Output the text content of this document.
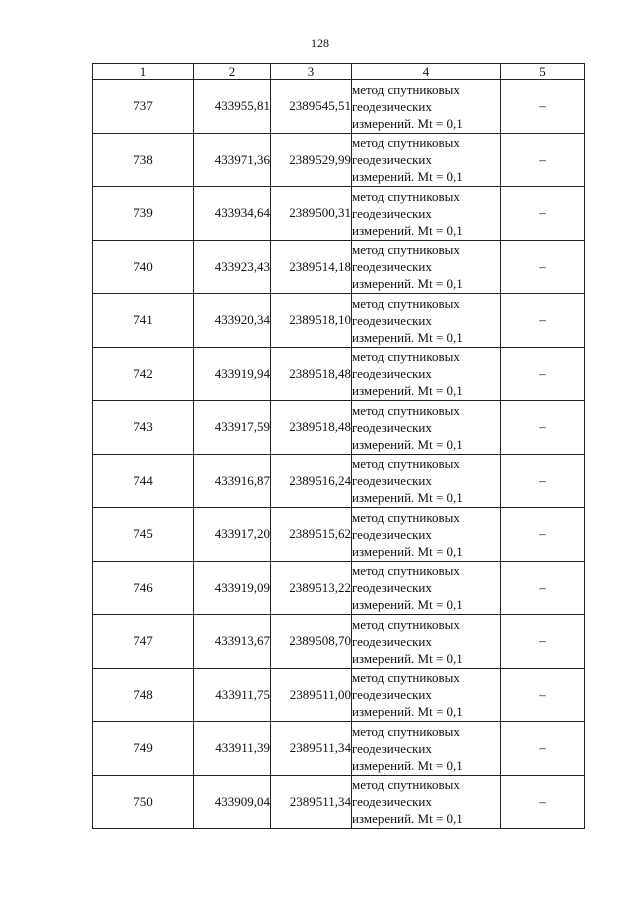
128
1	2	3	4	5
737	433955,81	2389545,51	метод спутниковых
геодезических
измерений. Mt = 0,1	–
738	433971,36	2389529,99	метод спутниковых
геодезических
измерений. Mt = 0,1	–
739	433934,64	2389500,31	метод спутниковых
геодезических
измерений. Mt = 0,1	–
740	433923,43	2389514,18	метод спутниковых
геодезических
измерений. Mt = 0,1	–
741	433920,34	2389518,10	метод спутниковых
геодезических
измерений. Mt = 0,1	–
742	433919,94	2389518,48	метод спутниковых
геодезических
измерений. Mt = 0,1	–
743	433917,59	2389518,48	метод спутниковых
геодезических
измерений. Mt = 0,1	–
744	433916,87	2389516,24	метод спутниковых
геодезических
измерений. Mt = 0,1	–
745	433917,20	2389515,62	метод спутниковых
геодезических
измерений. Mt = 0,1	–
746	433919,09	2389513,22	метод спутниковых
геодезических
измерений. Mt = 0,1	–
747	433913,67	2389508,70	метод спутниковых
геодезических
измерений. Mt = 0,1	–
748	433911,75	2389511,00	метод спутниковых
геодезических
измерений. Mt = 0,1	–
749	433911,39	2389511,34	метод спутниковых
геодезических
измерений. Mt = 0,1	–
750	433909,04	2389511,34	метод спутниковых
геодезических
измерений. Mt = 0,1	–
